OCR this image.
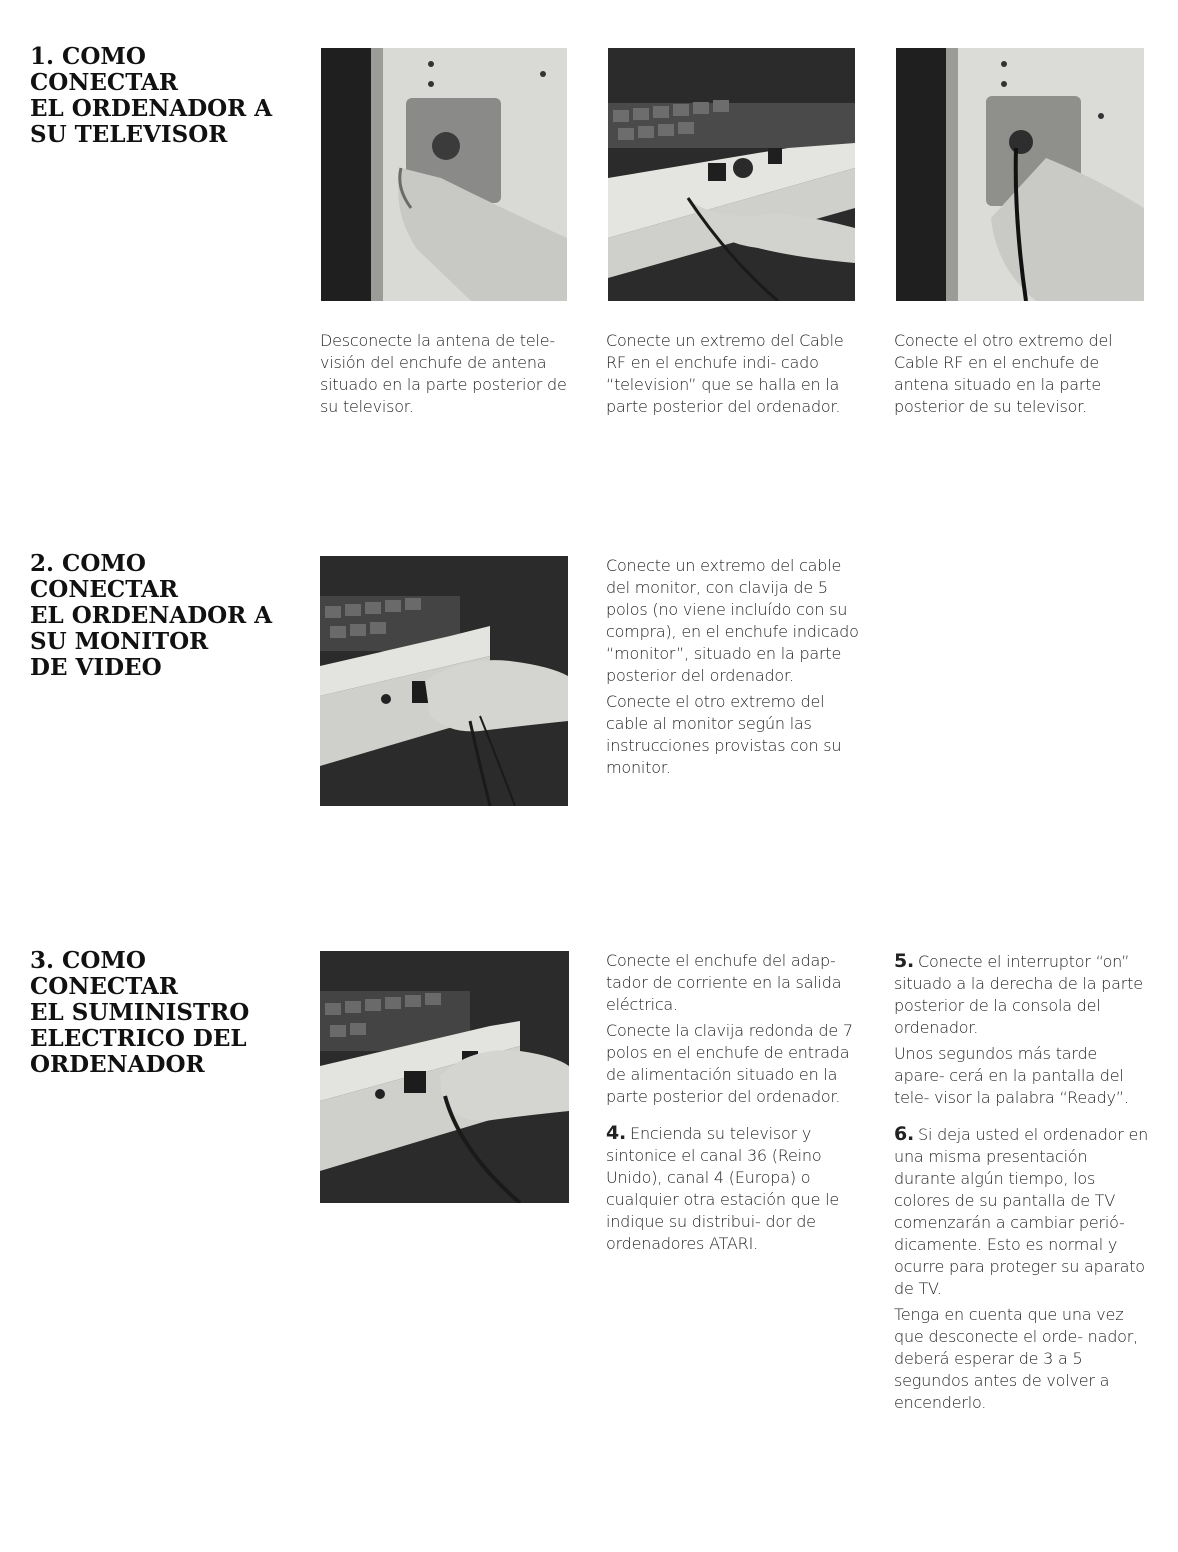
1. COMO CONECTAR
EL ORDENADOR A
SU TELEVISOR
Desconecte la antena de tele- visión del enchufe de antena situado en la parte posterior de su televisor.
Conecte un extremo del Cable RF en el enchufe indi- cado “television” que se halla en la parte posterior del ordenador.
Conecte el otro extremo del Cable RF en el enchufe de antena situado en la parte posterior de su televisor.
2. COMO CONECTAR
EL ORDENADOR A
SU MONITOR
DE VIDEO

Conecte un extremo del cable del monitor, con clavija de 5 polos (no viene incluído con su compra), en el enchufe indicado “monitor”, situado en la parte posterior del ordenador.

Conecte el otro extremo del cable al monitor según las instrucciones provistas con su monitor.

3. COMO CONECTAR
EL SUMINISTRO
ELECTRICO DEL
ORDENADOR

Conecte el enchufe del adap- tador de corriente en la salida eléctrica.

Conecte la clavija redonda de 7 polos en el enchufe de entrada de alimentación situado en la parte posterior del ordenador.

4. Encienda su televisor y sintonice el canal 36 (Reino Unido), canal 4 (Europa) o cualquier otra estación que le indique su distribui- dor de ordenadores ATARI.

5. Conecte el interruptor “on” situado a la derecha de la parte posterior de la consola del ordenador.

Unos segundos más tarde apare- cerá en la pantalla del tele- visor la palabra “Ready”.

6. Si deja usted el ordenador en una misma presentación durante algún tiempo, los colores de su pantalla de TV comenzarán a cambiar perió- dicamente. Esto es normal y ocurre para proteger su aparato de TV.

Tenga en cuenta que una vez que desconecte el orde- nador, deberá esperar de 3 a 5 segundos antes de volver a encenderlo.
